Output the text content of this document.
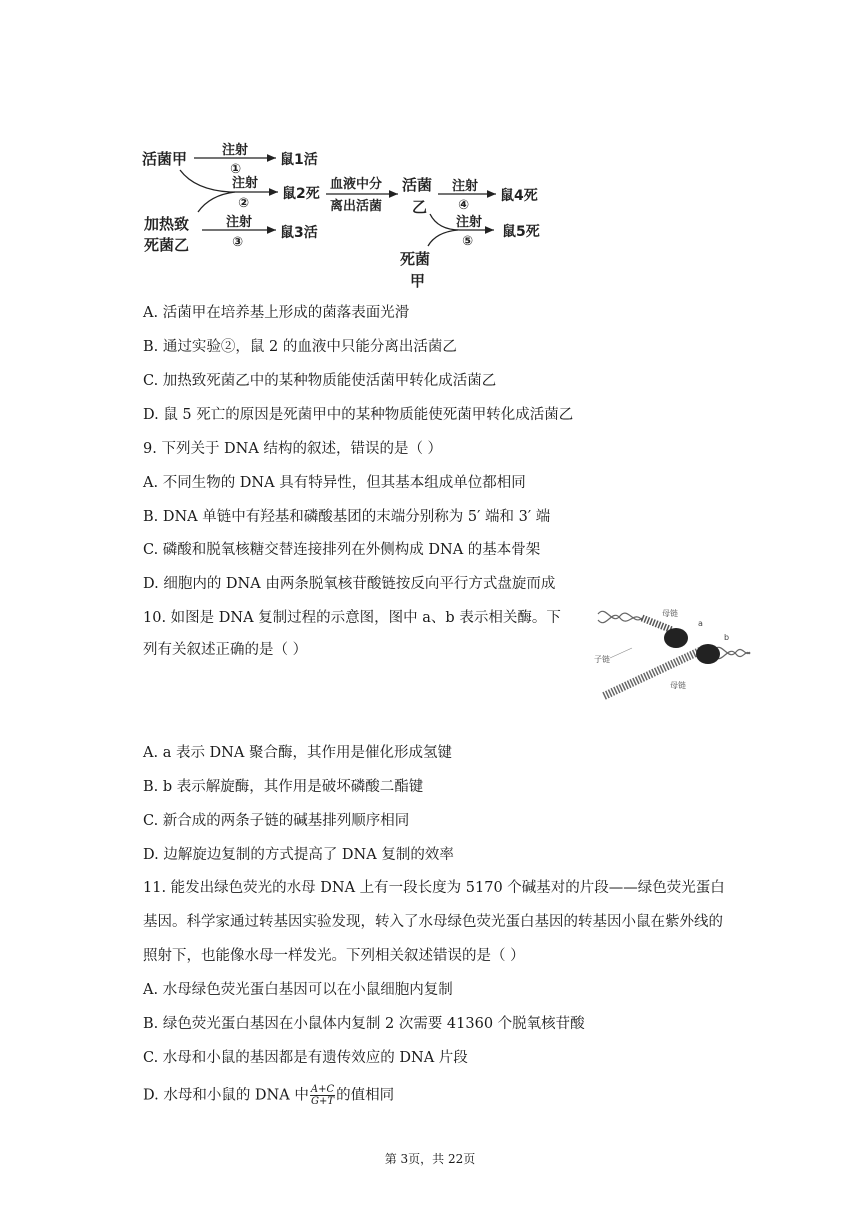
活菌甲
加热致
死菌乙
注射
①
鼠1活
注射
②
鼠2死
注射
③
鼠3活
血液中分
离出活菌
活菌
乙
注射
④
鼠4死
注射
⑤
鼠5死
死菌
甲
A. 活菌甲在培养基上形成的菌落表面光滑
B. 通过实验②，鼠 2 的血液中只能分离出活菌乙
C. 加热致死菌乙中的某种物质能使活菌甲转化成活菌乙
D. 鼠 5 死亡的原因是死菌甲中的某种物质能使死菌甲转化成活菌乙
9. 下列关于 DNA 结构的叙述，错误的是（ ）
A. 不同生物的 DNA 具有特异性，但其基本组成单位都相同
B. DNA 单链中有羟基和磷酸基团的末端分别称为 5′ 端和 3′ 端
C. 磷酸和脱氧核糖交替连接排列在外侧构成 DNA 的基本骨架
D. 细胞内的 DNA 由两条脱氧核苷酸链按反向平行方式盘旋而成
10. 如图是 DNA 复制过程的示意图，图中 a、b 表示相关酶。下
列有关叙述正确的是（ ）
母链
母链
子链
a
b
A. a 表示 DNA 聚合酶，其作用是催化形成氢键
B. b 表示解旋酶，其作用是破坏磷酸二酯键
C. 新合成的两条子链的碱基排列顺序相同
D. 边解旋边复制的方式提高了 DNA 复制的效率
11. 能发出绿色荧光的水母 DNA 上有一段长度为 5170 个碱基对的片段——绿色荧光蛋白
基因。科学家通过转基因实验发现，转入了水母绿色荧光蛋白基因的转基因小鼠在紫外线的
照射下，也能像水母一样发光。下列相关叙述错误的是（ ）
A. 水母绿色荧光蛋白基因可以在小鼠细胞内复制
B. 绿色荧光蛋白基因在小鼠体内复制 2 次需要 41360 个脱氧核苷酸
C. 水母和小鼠的基因都是有遗传效应的 DNA 片段
D. 水母和小鼠的 DNA 中 $\frac{A+C}{G+T}$ 的值相同
第 3页，共 22页
